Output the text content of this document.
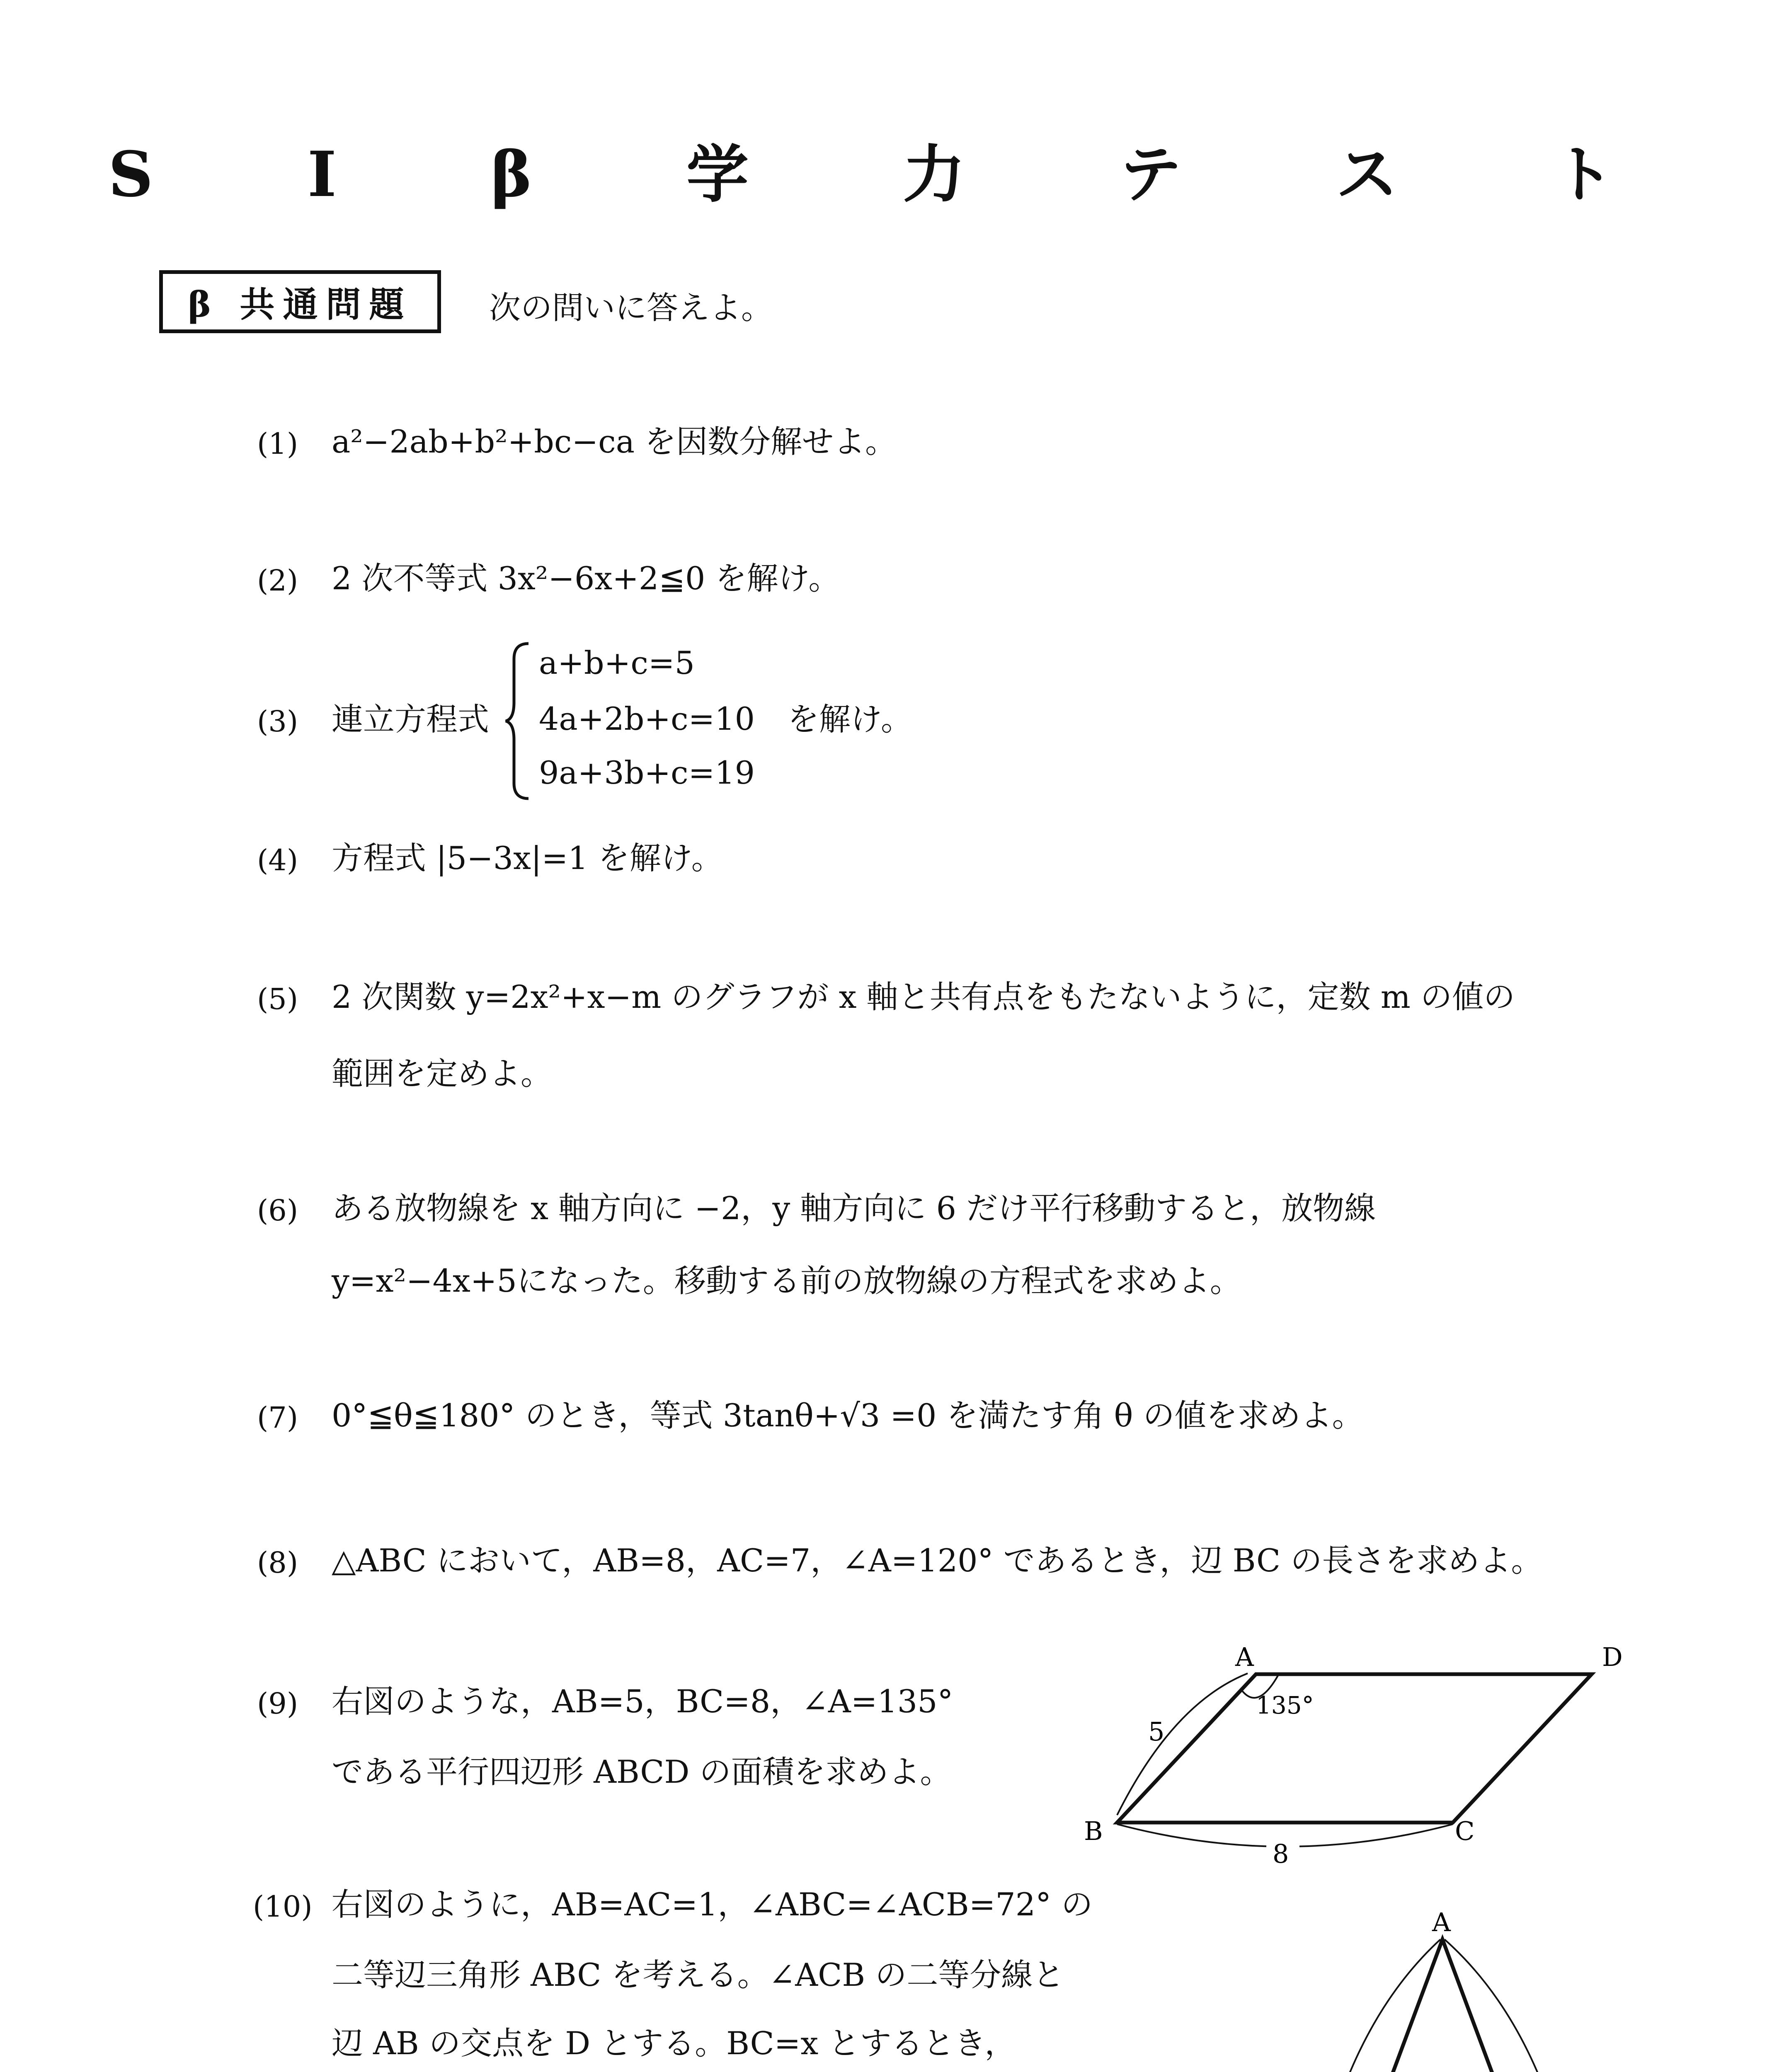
S I β 学 力 テ ス ト
β 共通問題	次の問いに答えよ。
(1) a²−2ab+b²+bc−ca を因数分解せよ。
(2) 2 次不等式 3x²−6x+2≦0 を解け。
(3) 連立方程式
a+b+c=5
4a+2b+c=10
9a+3b+c=19
を解け。
(4) 方程式 |5−3x|=1 を解け。
(5) 2 次関数 y=2x²+x−m のグラフが x 軸と共有点をもたないように，定数 m の値の
範囲を定めよ。
(6) ある放物線を x 軸方向に −2，y 軸方向に 6 だけ平行移動すると，放物線
y=x²−4x+5になった。移動する前の放物線の方程式を求めよ。
(7) 0°≦θ≦180° のとき，等式 3tanθ+√3 =0 を満たす角 θ の値を求めよ。
(8) △ABC において，AB=8，AC=7，∠A=120° であるとき，辺 BC の長さを求めよ。
(9) 右図のような，AB=5，BC=8，∠A=135°
である平行四辺形 ABCD の面積を求めよ。
A	D
B	C
135°
5
8
(10) 右図のように，AB=AC=1，∠ABC=∠ACB=72° の
二等辺三角形 ABC を考える。∠ACB の二等分線と
辺 AB の交点を D とする。BC=x とするとき，
A
